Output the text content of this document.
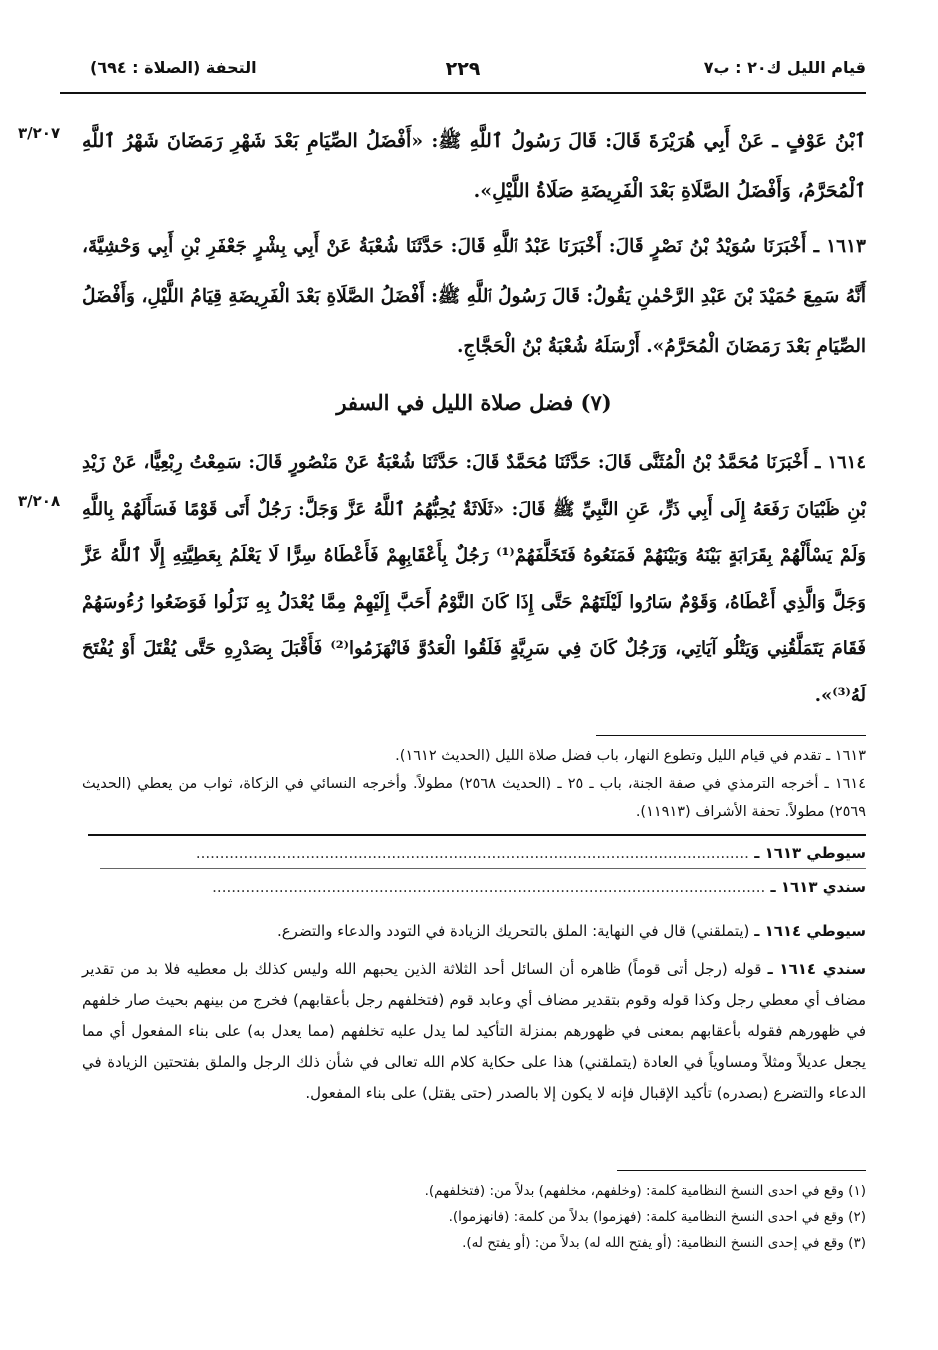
قيام الليل ك٢٠ : ب٧
٢٢٩
التحفة (الصلاة : ٦٩٤)
٣/٢٠٧
٣/٢٠٨

ٱبْنُ عَوْفٍ ـ عَنْ أَبِي هُرَيْرَةَ قَالَ: قَالَ رَسُولُ ٱللَّهِ ﷺ: «أَفْضَلُ الصِّيَامِ بَعْدَ شَهْرِ رَمَضَانَ شَهْرُ ٱللَّهِ ٱلْمُحَرَّمُ، وَأَفْضَلُ الصَّلَاةِ بَعْدَ الْفَرِيضَةِ صَلَاةُ اللَّيْلِ».

١٦١٣ ـ أَخْبَرَنَا سُوَيْدُ بْنُ نَصْرٍ قَالَ: أَخْبَرَنَا عَبْدُ ٱللَّهِ قَالَ: حَدَّثَنَا شُعْبَةُ عَنْ أَبِي بِشْرٍ جَعْفَرِ بْنِ أَبِي وَحْشِيَّةَ، أَنَّهُ سَمِعَ حُمَيْدَ بْنَ عَبْدِ الرَّحْمٰنِ يَقُولُ: قَالَ رَسُولُ ٱللَّهِ ﷺ: أَفْضَلُ الصَّلَاةِ بَعْدَ الْفَرِيضَةِ قِيَامُ اللَّيْلِ، وَأَفْضَلُ الصِّيَامِ بَعْدَ رَمَضَانَ الْمُحَرَّمُ». أَرْسَلَهُ شُعْبَةُ بْنُ الْحَجَّاجِ.

(٧) فضل صلاة الليل في السفر

١٦١٤ ـ أَخْبَرَنَا مُحَمَّدُ بْنُ الْمُثَنَّى قَالَ: حَدَّثَنَا مُحَمَّدٌ قَالَ: حَدَّثَنَا شُعْبَةُ عَنْ مَنْصُورٍ قَالَ: سَمِعْتُ رِبْعِيًّا، عَنْ زَيْدِ بْنِ ظَبْيَانَ رَفَعَهُ إِلَى أَبِي ذَرٍّ، عَنِ النَّبِيِّ ﷺ قَالَ: «ثَلَاثَةٌ يُحِبُّهُمُ ٱللَّهُ عَزَّ وَجَلَّ: رَجُلٌ أَتَى قَوْمًا فَسَأَلَهُمْ بِاللَّهِ وَلَمْ يَسْأَلْهُمْ بِقَرَابَةٍ بَيْنَهُ وَبَيْنَهُمْ فَمَنَعُوهُ فَتَخَلَّفَهُمْ⁽¹⁾ رَجُلٌ بِأَعْقَابِهِمْ فَأَعْطَاهُ سِرًّا لَا يَعْلَمُ بِعَطِيَّتِهِ إِلَّا ٱللَّهُ عَزَّ وَجَلَّ وَالَّذِي أَعْطَاهُ، وَقَوْمٌ سَارُوا لَيْلَتَهُمْ حَتَّى إِذَا كَانَ النَّوْمُ أَحَبَّ إِلَيْهِمْ مِمَّا يُعْدَلُ بِهِ نَزَلُوا فَوَضَعُوا رُءُوسَهُمْ فَقَامَ يَتَمَلَّقُنِي وَيَتْلُو آيَاتِي، وَرَجُلٌ كَانَ فِي سَرِيَّةٍ فَلَقُوا الْعَدُوَّ فَانْهَزَمُوا⁽²⁾ فَأَقْبَلَ بِصَدْرِهِ حَتَّى يُقْتَلَ أَوْ يُفْتَحَ لَهُ⁽³⁾».

١٦١٣ ـ تقدم في قيام الليل وتطوع النهار، باب فضل صلاة الليل (الحديث ١٦١٢).

١٦١٤ ـ أخرجه الترمذي في صفة الجنة، باب ـ ٢٥ ـ (الحديث ٢٥٦٨) مطولاً. وأخرجه النسائي في الزكاة، ثواب من يعطي (الحديث ٢٥٦٩) مطولاً. تحفة الأشراف (١١٩١٣).

سيوطي ١٦١٣ ـ ....................................................................................................................
سندي ١٦١٣ ـ ....................................................................................................................

سيوطي ١٦١٤ ـ (يتملقني) قال في النهاية: الملق بالتحريك الزيادة في التودد والدعاء والتضرع.

سندي ١٦١٤ ـ قوله (رجل أتى قوماً) ظاهره أن السائل أحد الثلاثة الذين يحبهم الله وليس كذلك بل معطيه فلا بد من تقدير مضاف أي معطي رجل وكذا قوله وقوم بتقدير مضاف أي وعابد قوم (فتخلفهم رجل بأعقابهم) فخرج من بينهم بحيث صار خلفهم في ظهورهم فقوله بأعقابهم بمعنى في ظهورهم بمنزلة التأكيد لما يدل عليه تخلفهم (مما يعدل به) على بناء المفعول أي مما يجعل عديلاً ومثلاً ومساوياً في العادة (يتملقني) هذا على حكاية كلام الله تعالى في شأن ذلك الرجل والملق بفتحتين الزيادة في الدعاء والتضرع (بصدره) تأكيد الإقبال فإنه لا يكون إلا بالصدر (حتى يقتل) على بناء المفعول.

(١) وقع في احدى النسخ النظامية كلمة: (وخلفهم، مخلفهم) بدلاً من: (فتخلفهم).

(٢) وقع في احدى النسخ النظامية كلمة: (فهزموا) بدلاً من كلمة: (فانهزموا).

(٣) وقع في إحدى النسخ النظامية: (أو يفتح الله له) بدلاً من: (أو يفتح له).
